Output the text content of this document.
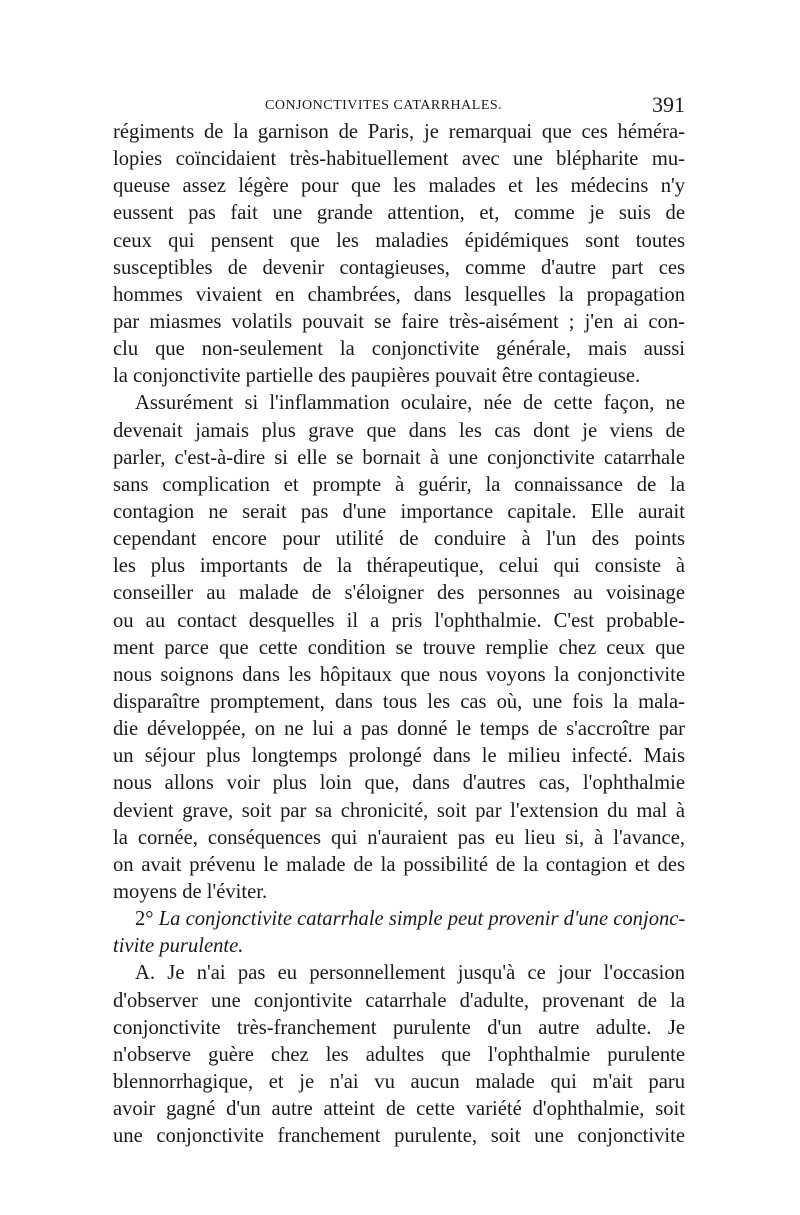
CONJONCTIVITES CATARRHALES.	391
régiments de la garnison de Paris, je remarquai que ces héméra-
lopies coïncidaient très-habituellement avec une blépharite mu-
queuse assez légère pour que les malades et les médecins n'y
eussent pas fait une grande attention, et, comme je suis de
ceux qui pensent que les maladies épidémiques sont toutes
susceptibles de devenir contagieuses, comme d'autre part ces
hommes vivaient en chambrées, dans lesquelles la propagation
par miasmes volatils pouvait se faire très-aisément ; j'en ai con-
clu que non-seulement la conjonctivite générale, mais aussi
la conjonctivite partielle des paupières pouvait être contagieuse.
Assurément si l'inflammation oculaire, née de cette façon, ne
devenait jamais plus grave que dans les cas dont je viens de
parler, c'est-à-dire si elle se bornait à une conjonctivite catarrhale
sans complication et prompte à guérir, la connaissance de la
contagion ne serait pas d'une importance capitale. Elle aurait
cependant encore pour utilité de conduire à l'un des points
les plus importants de la thérapeutique, celui qui consiste à
conseiller au malade de s'éloigner des personnes au voisinage
ou au contact desquelles il a pris l'ophthalmie. C'est probable-
ment parce que cette condition se trouve remplie chez ceux que
nous soignons dans les hôpitaux que nous voyons la conjonctivite
disparaître promptement, dans tous les cas où, une fois la mala-
die développée, on ne lui a pas donné le temps de s'accroître par
un séjour plus longtemps prolongé dans le milieu infecté. Mais
nous allons voir plus loin que, dans d'autres cas, l'ophthalmie
devient grave, soit par sa chronicité, soit par l'extension du mal à
la cornée, conséquences qui n'auraient pas eu lieu si, à l'avance,
on avait prévenu le malade de la possibilité de la contagion et des
moyens de l'éviter.
2° La conjonctivite catarrhale simple peut provenir d'une conjonc-
tivite purulente.
A. Je n'ai pas eu personnellement jusqu'à ce jour l'occasion
d'observer une conjontivite catarrhale d'adulte, provenant de la
conjonctivite très-franchement purulente d'un autre adulte. Je
n'observe guère chez les adultes que l'ophthalmie purulente
blennorrhagique, et je n'ai vu aucun malade qui m'ait paru
avoir gagné d'un autre atteint de cette variété d'ophthalmie, soit
une conjonctivite franchement purulente, soit une conjonctivite
